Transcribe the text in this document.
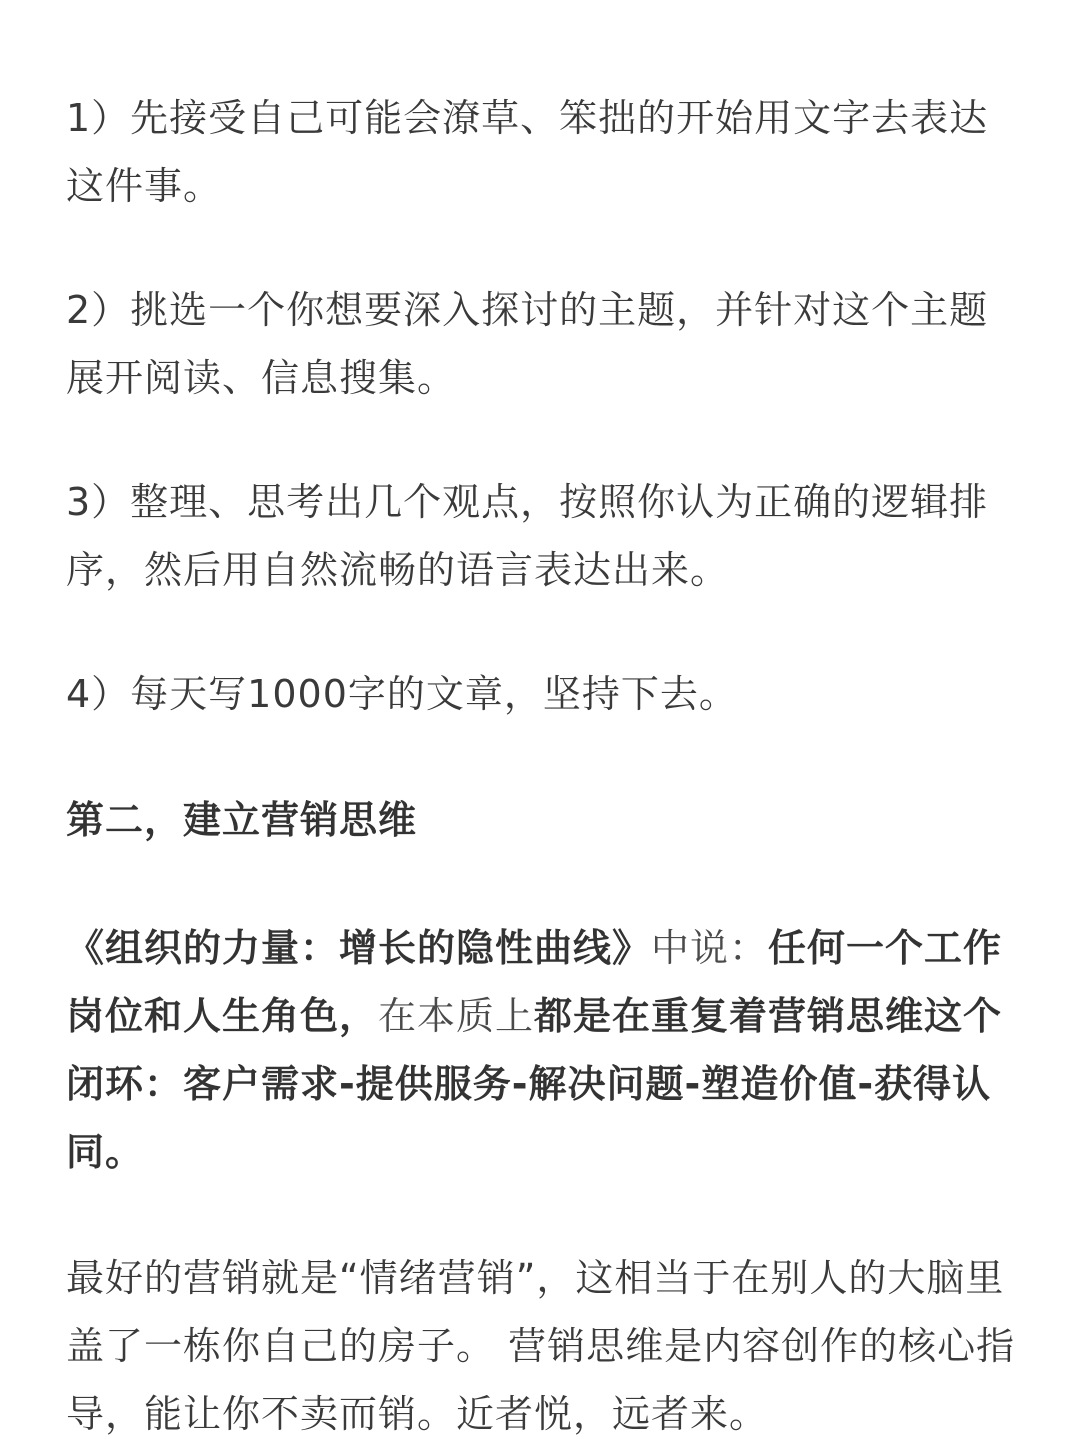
1）先接受自己可能会潦草、笨拙的开始用文字去表达这件事。

2）挑选一个你想要深入探讨的主题，并针对这个主题展开阅读、信息搜集。

3）整理、思考出几个观点，按照你认为正确的逻辑排序，然后用自然流畅的语言表达出来。

4）每天写1000字的文章，坚持下去。

第二，建立营销思维

《组织的力量：增长的隐性曲线》中说：任何一个工作岗位和人生角色，在本质上都是在重复着营销思维这个闭环：客户需求-提供服务-解决问题-塑造价值-获得认同。

最好的营销就是“情绪营销”，这相当于在别人的大脑里盖了一栋你自己的房子。 营销思维是内容创作的核心指导，能让你不卖而销。近者悦，远者来。
